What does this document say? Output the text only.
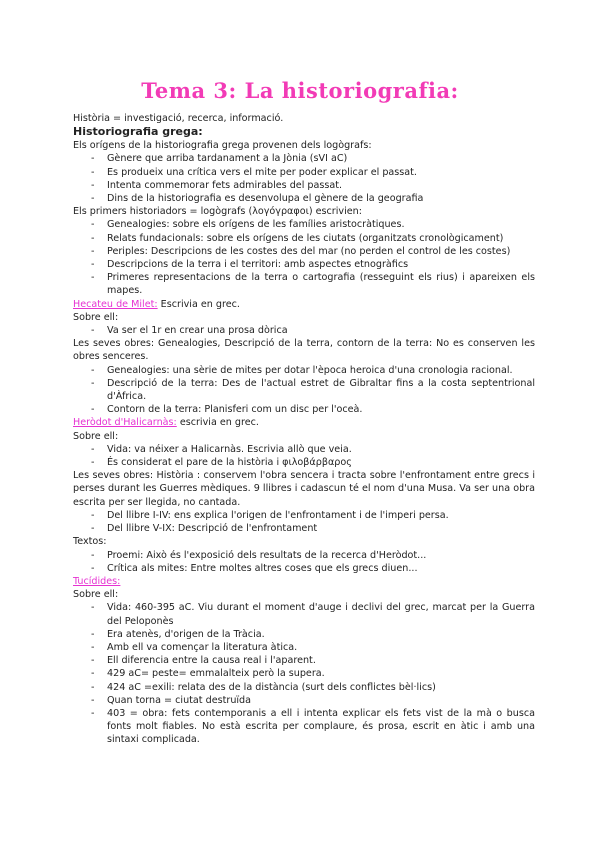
Tema 3: La historiografia:
Història = investigació, recerca, informació.
Historiografia grega:
Els orígens de la historiografia grega provenen dels logògrafs:
- Gènere que arriba tardanament a la Jònia (sVI aC)
- Es produeix una crítica vers el mite per poder explicar el passat.
- Intenta commemorar fets admirables del passat.
- Dins de la historiografia es desenvolupa el gènere de la geografia
Els primers historiadors = logògrafs (λογόγραφοι) escrivien:
- Genealogies: sobre els orígens de les famílies aristocràtiques.
- Relats fundacionals: sobre els orígens de les ciutats (organitzats cronològicament)
- Periples: Descripcions de les costes des del mar (no perden el control de les costes)
- Descripcions de la terra i el territori: amb aspectes etnogràfics
- Primeres representacions de la terra o cartografia (resseguint els rius) i apareixen els mapes.
Hecateu de Milet: Escrivia en grec.
Sobre ell:
- Va ser el 1r en crear una prosa dòrica
Les seves obres: Genealogies, Descripció de la terra, contorn de la terra: No es conserven les obres senceres.
- Genealogies: una sèrie de mites per dotar l'època heroica d'una cronologia racional.
- Descripció de la terra: Des de l'actual estret de Gibraltar fins a la costa septentrional d'Àfrica.
- Contorn de la terra: Planisferi com un disc per l'oceà.
Heròdot d'Halicarnàs: escrivia en grec.
Sobre ell:
- Vida: va néixer a Halicarnàs. Escrivia allò que veia.
- És considerat el pare de la història i φιλοβάρβαρος
Les seves obres: Història : conservem l'obra sencera i tracta sobre l'enfrontament entre grecs i perses durant les Guerres mèdiques. 9 llibres i cadascun té el nom d'una Musa. Va ser una obra escrita per ser llegida, no cantada.
- Del llibre I-IV: ens explica l'origen de l'enfrontament i de l'imperi persa.
- Del llibre V-IX: Descripció de l'enfrontament
Textos:
- Proemi: Això és l'exposició dels resultats de la recerca d'Heròdot...
- Crítica als mites: Entre moltes altres coses que els grecs diuen...
Tucídides:
Sobre ell:
- Vida: 460-395 aC. Viu durant el moment d'auge i declivi del grec, marcat per la Guerra del Peloponès
- Era atenès, d'origen de la Tràcia.
- Amb ell va començar la literatura àtica.
- Ell diferencia entre la causa real i l'aparent.
- 429 aC= peste= emmalalteix però la supera.
- 424 aC =exili: relata des de la distància (surt dels conflictes bèl·lics)
- Quan torna = ciutat destruïda
- 403 = obra: fets contemporanis a ell i intenta explicar els fets vist de la mà o busca fonts molt fiables. No està escrita per complaure, és prosa, escrit en àtic i amb una sintaxi complicada.
